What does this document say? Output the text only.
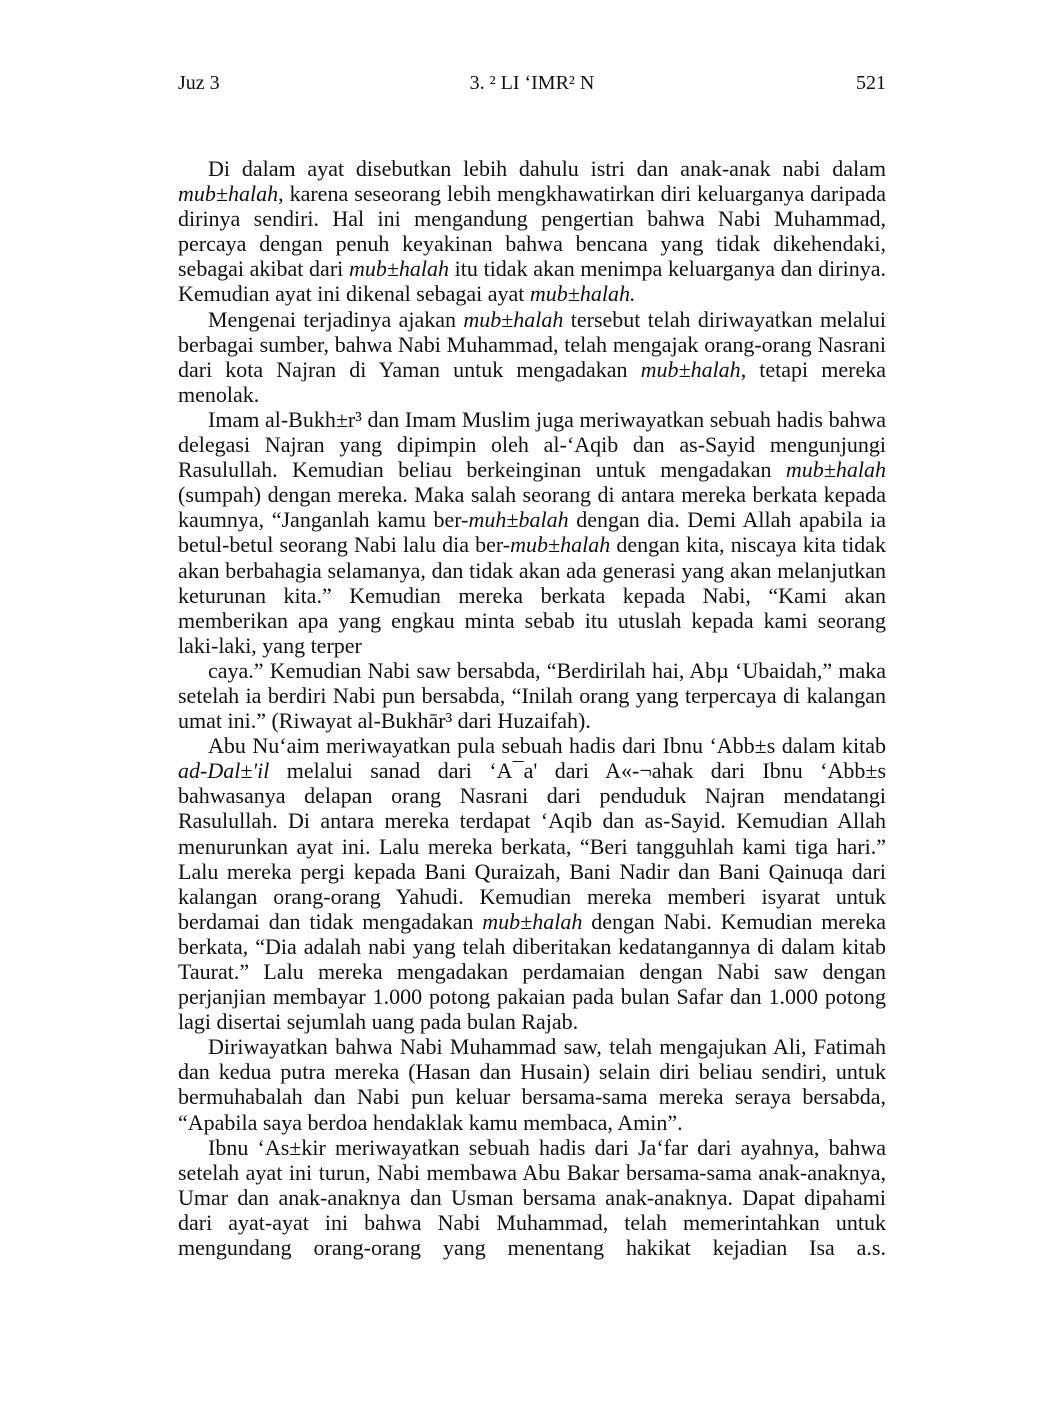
Juz 3	3. ² LI ‘IMR² N	521

Di dalam ayat disebutkan lebih dahulu istri dan anak-anak nabi dalam mub±halah, karena seseorang lebih mengkhawatirkan diri keluarganya daripada dirinya sendiri. Hal ini mengandung pengertian bahwa Nabi Muhammad, percaya dengan penuh keyakinan bahwa bencana yang tidak dikehendaki, sebagai akibat dari mub±halah itu tidak akan menimpa keluarganya dan dirinya. Kemudian ayat ini dikenal sebagai ayat mub±halah.

Mengenai terjadinya ajakan mub±halah tersebut telah diriwayatkan melalui berbagai sumber, bahwa Nabi Muhammad, telah mengajak orang-orang Nasrani dari kota Najran di Yaman untuk mengadakan mub±halah, tetapi mereka menolak.

Imam al-Bukh±r³ dan Imam Muslim juga meriwayatkan sebuah hadis bahwa delegasi Najran yang dipimpin oleh al-‘Aqib dan as-Sayid mengunjungi Rasulullah. Kemudian beliau berkeinginan untuk mengadakan mub±halah (sumpah) dengan mereka. Maka salah seorang di antara mereka berkata kepada kaumnya, “Janganlah kamu ber-muh±balah dengan dia. Demi Allah apabila ia betul-betul seorang Nabi lalu dia ber-mub±halah dengan kita, niscaya kita tidak akan berbahagia selamanya, dan tidak akan ada generasi yang akan melanjutkan keturunan kita.” Kemudian mereka berkata kepada Nabi, “Kami akan memberikan apa yang engkau minta sebab itu utuslah kepada kami seorang laki-laki, yang terper

caya.” Kemudian Nabi saw bersabda, “Berdirilah hai, Abµ ‘Ubaidah,” maka setelah ia berdiri Nabi pun bersabda, “Inilah orang yang terpercaya di kalangan umat ini.” (Riwayat al-Bukhār³ dari Huzaifah).

Abu Nu‘aim meriwayatkan pula sebuah hadis dari Ibnu ‘Abb±s dalam kitab ad-Dal±'il melalui sanad dari ‘A¯a' dari A«-¬ahak dari Ibnu ‘Abb±s bahwasanya delapan orang Nasrani dari penduduk Najran mendatangi Rasulullah. Di antara mereka terdapat ‘Aqib dan as-Sayid. Kemudian Allah menurunkan ayat ini. Lalu mereka berkata, “Beri tangguhlah kami tiga hari.” Lalu mereka pergi kepada Bani Quraizah, Bani Nadir dan Bani Qainuqa dari kalangan orang-orang Yahudi. Kemudian mereka memberi isyarat untuk berdamai dan tidak mengadakan mub±halah dengan Nabi. Kemudian mereka berkata, “Dia adalah nabi yang telah diberitakan kedatangannya di dalam kitab Taurat.” Lalu mereka mengadakan perdamaian dengan Nabi saw dengan perjanjian membayar 1.000 potong pakaian pada bulan Safar dan 1.000 potong lagi disertai sejumlah uang pada bulan Rajab.

Diriwayatkan bahwa Nabi Muhammad saw, telah mengajukan Ali, Fatimah dan kedua putra mereka (Hasan dan Husain) selain diri beliau sendiri, untuk bermuhabalah dan Nabi pun keluar bersama-sama mereka seraya bersabda, “Apabila saya berdoa hendaklak kamu membaca, Amin”.

Ibnu ‘As±kir meriwayatkan sebuah hadis dari Ja‘far dari ayahnya, bahwa setelah ayat ini turun, Nabi membawa Abu Bakar bersama-sama anak-anaknya, Umar dan anak-anaknya dan Usman bersama anak-anaknya. Dapat dipahami dari ayat-ayat ini bahwa Nabi Muhammad, telah memerintahkan untuk mengundang orang-orang yang menentang hakikat kejadian Isa a.s.
